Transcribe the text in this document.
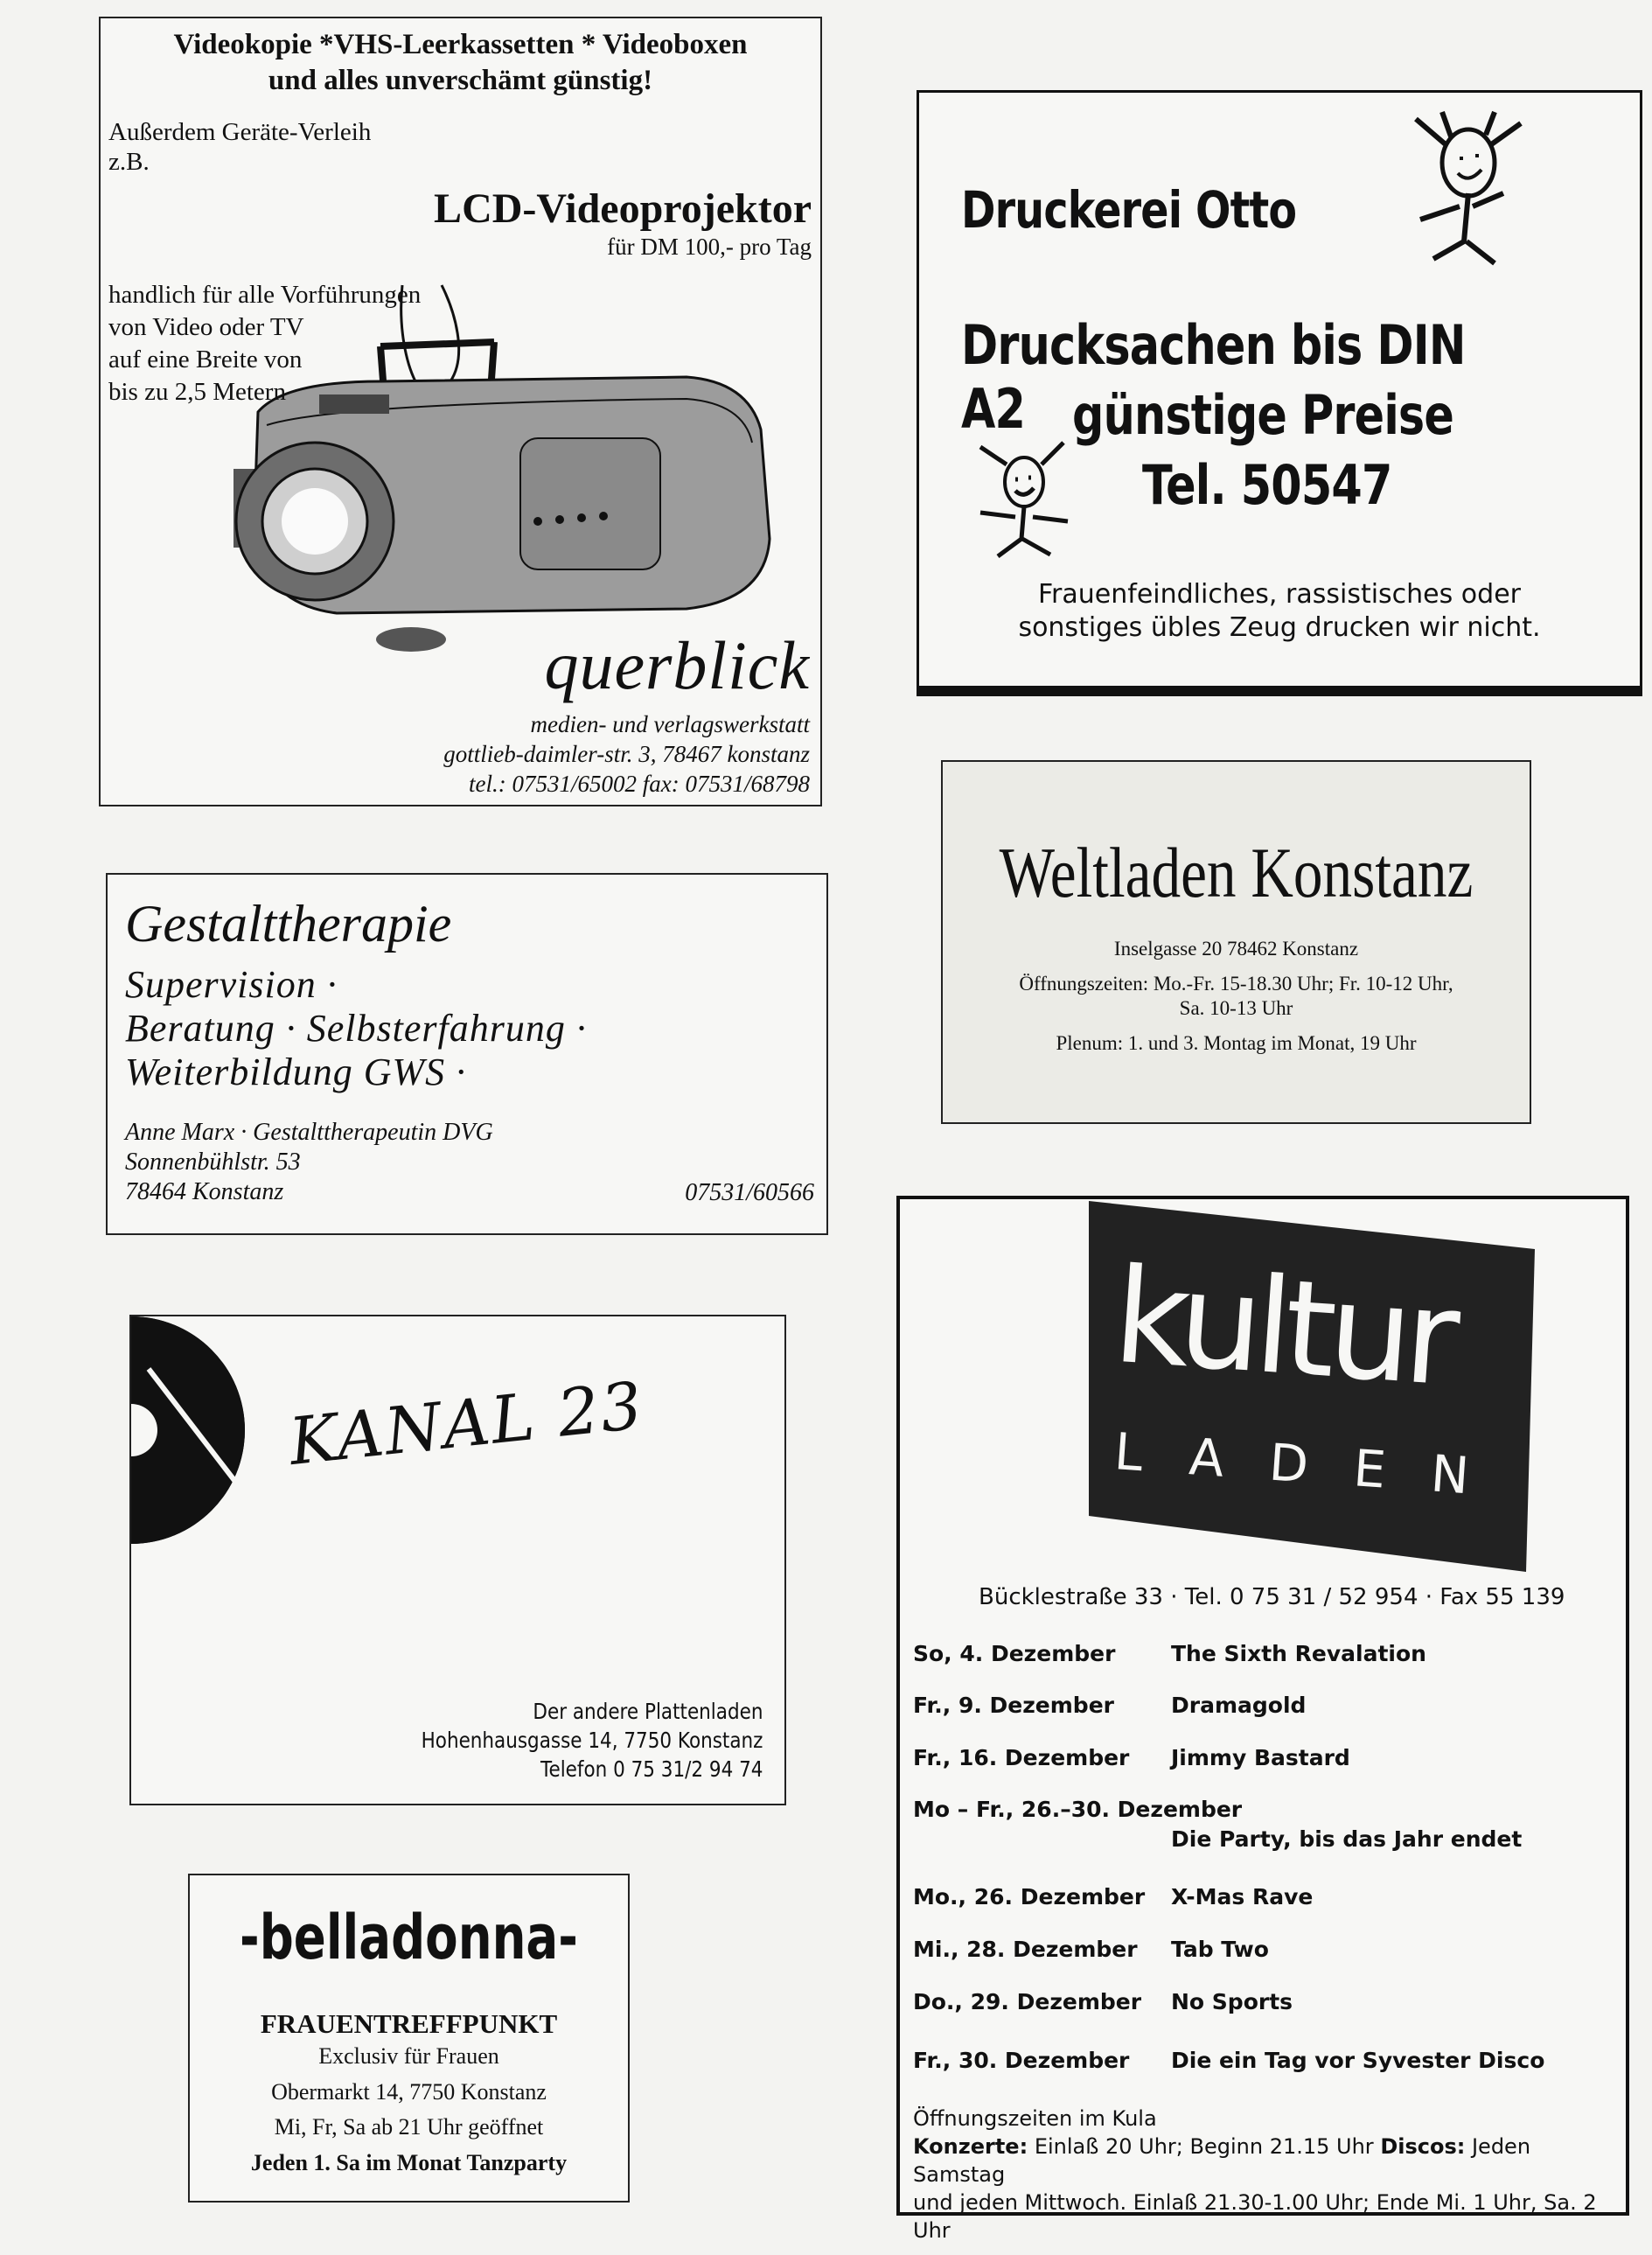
Videokopie *VHS-Leerkassetten * Videoboxen
und alles unverschämt günstig!
Außerdem Geräte-Verleih
z.B.
LCD-Videoprojektor
für DM 100,- pro Tag
handlich für alle Vorführungen
von Video oder TV
auf eine Breite von
bis zu 2,5 Metern
querblick
medien- und verlagswerkstatt
gottlieb-daimler-str. 3, 78467 konstanz
tel.: 07531/65002 fax: 07531/68798
Druckerei Otto
Drucksachen bis DIN A2 günstige Preise
Tel. 50547
Frauenfeindliches, rassistisches oder
sonstiges übles Zeug drucken wir nicht.
Gestalttherapie
Supervision ·
Beratung · Selbsterfahrung ·
Weiterbildung GWS ·
Anne Marx · Gestalttherapeutin DVG
Sonnenbühlstr. 53
78464 Konstanz	07531/60566
Weltladen Konstanz
Inselgasse 20 78462 Konstanz
Öffnungszeiten: Mo.-Fr. 15-18.30 Uhr; Fr. 10-12 Uhr,
Sa. 10-13 Uhr
Plenum: 1. und 3. Montag im Monat, 19 Uhr
KANAL 23
Der andere Plattenladen
Hohenhausgasse 14, 7750 Konstanz
Telefon 0 75 31/2 94 74
-belladonna-
FRAUENTREFFPUNKT
Exclusiv für Frauen
Obermarkt 14, 7750 Konstanz
Mi, Fr, Sa ab 21 Uhr geöffnet
Jeden 1. Sa im Monat Tanzparty
kultur
LADEN
Bücklestraße 33 · Tel. 0 75 31 / 52 954 · Fax 55 139
So, 4. Dezember	The Sixth Revalation
Fr., 9. Dezember	Dramagold
Fr., 16. Dezember Jimmy Bastard
Mo – Fr., 26.–30. Dezember
Die Party, bis das Jahr endet
Mo., 26. Dezember X-Mas Rave
Mi., 28. Dezember Tab Two
Do., 29. Dezember No Sports
Fr., 30. Dezember Die ein Tag vor Syvester Disco
Öffnungszeiten im Kula
Konzerte: Einlaß 20 Uhr; Beginn 21.15 Uhr Discos: Jeden Samstag
und jeden Mittwoch. Einlaß 21.30-1.00 Uhr; Ende Mi. 1 Uhr, Sa. 2 Uhr
